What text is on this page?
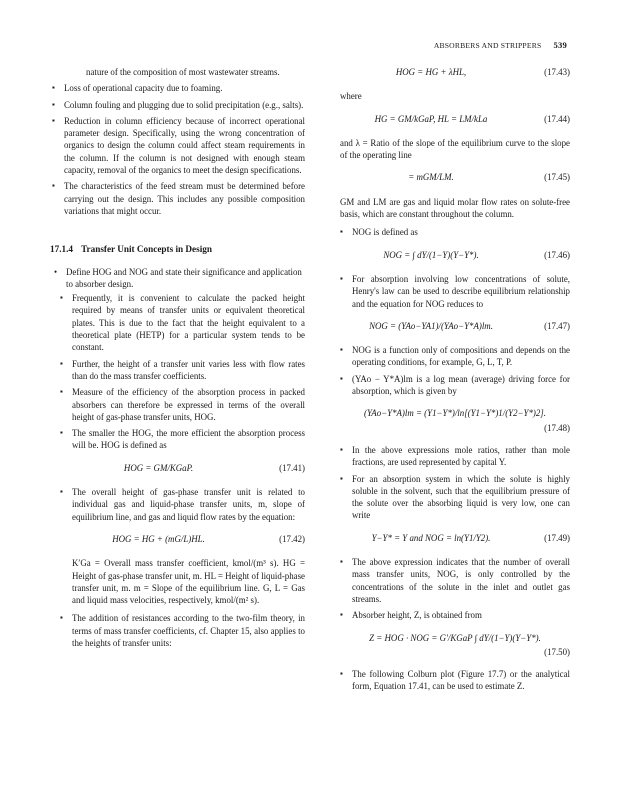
ABSORBERS AND STRIPPERS 539

nature of the composition of most wastewater streams.

▪ Loss of operational capacity due to foaming.
▪ Column fouling and plugging due to solid precipitation (e.g., salts).
▪ Reduction in column efficiency because of incorrect operational parameter design. Specifically, using the wrong concentration of organics to design the column could affect steam requirements in the column. If the column is not designed with enough steam capacity, removal of the organics to meet the design specifications.
▪ The characteristics of the feed stream must be determined before carrying out the design. This includes any possible composition variations that might occur.
17.1.4 Transfer Unit Concepts in Design

• Define HOG and NOG and state their significance and application to absorber design.

▪ Frequently, it is convenient to calculate the packed height required by means of transfer units or equivalent theoretical plates. This is due to the fact that the height equivalent to a theoretical plate (HETP) for a particular system tends to be constant.
▪ Further, the height of a transfer unit varies less with flow rates than do the mass transfer coefficients.
▪ Measure of the efficiency of the absorption process in packed absorbers can therefore be expressed in terms of the overall height of gas-phase transfer units, HOG.
▪ The smaller the HOG, the more efficient the absorption process will be. HOG is defined as
HOG = GM/KGaP.	(17.41)
▪ The overall height of gas-phase transfer unit is related to individual gas and liquid-phase transfer units, m, slope of equilibrium line, and gas and liquid flow rates by the equation:
HOG = HG + (mG/L)HL.	(17.42)

K′Ga = Overall mass transfer coefficient, kmol/(m³ s). HG = Height of gas-phase transfer unit, m. HL = Height of liquid-phase transfer unit, m. m = Slope of the equilibrium line. G, L = Gas and liquid mass velocities, respectively, kmol/(m² s).

▪ The addition of resistances according to the two-film theory, in terms of mass transfer coefficients, cf. Chapter 15, also applies to the heights of transfer units:
HOG = HG + λHL,	(17.43)

where

HG = GM/kGaP, HL = LM/kLa	(17.44)

and λ = Ratio of the slope of the equilibrium curve to the slope of the operating line

= mGM/LM.	(17.45)

GM and LM are gas and liquid molar flow rates on solute-free basis, which are constant throughout the column.

▪ NOG is defined as
NOG = ∫ dY/(1−Y)(Y−Y*).	(17.46)
▪ For absorption involving low concentrations of solute, Henry's law can be used to describe equilibrium relationship and the equation for NOG reduces to
NOG = (YAo−YA1)/(YAo−Y*A)lm.	(17.47)
▪ NOG is a function only of compositions and depends on the operating conditions, for example, G, L, T, P.
▪ (YAo − Y*A)lm is a log mean (average) driving force for absorption, which is given by
(YAo−Y*A)lm = (Y1−Y*)/ln[(Y1−Y*)1/(Y2−Y*)2].
(17.48)
▪ In the above expressions mole ratios, rather than mole fractions, are used represented by capital Y.
▪ For an absorption system in which the solute is highly soluble in the solvent, such that the equilibrium pressure of the solute over the absorbing liquid is very low, one can write
Y−Y* = Y and NOG = ln(Y1/Y2).	(17.49)
▪ The above expression indicates that the number of overall mass transfer units, NOG, is only controlled by the concentrations of the solute in the inlet and outlet gas streams.
▪ Absorber height, Z, is obtained from
Z = HOG · NOG = G′/KGaP ∫ dY/(1−Y)(Y−Y*).
(17.50)
▪ The following Colburn plot (Figure 17.7) or the analytical form, Equation 17.41, can be used to estimate Z.
